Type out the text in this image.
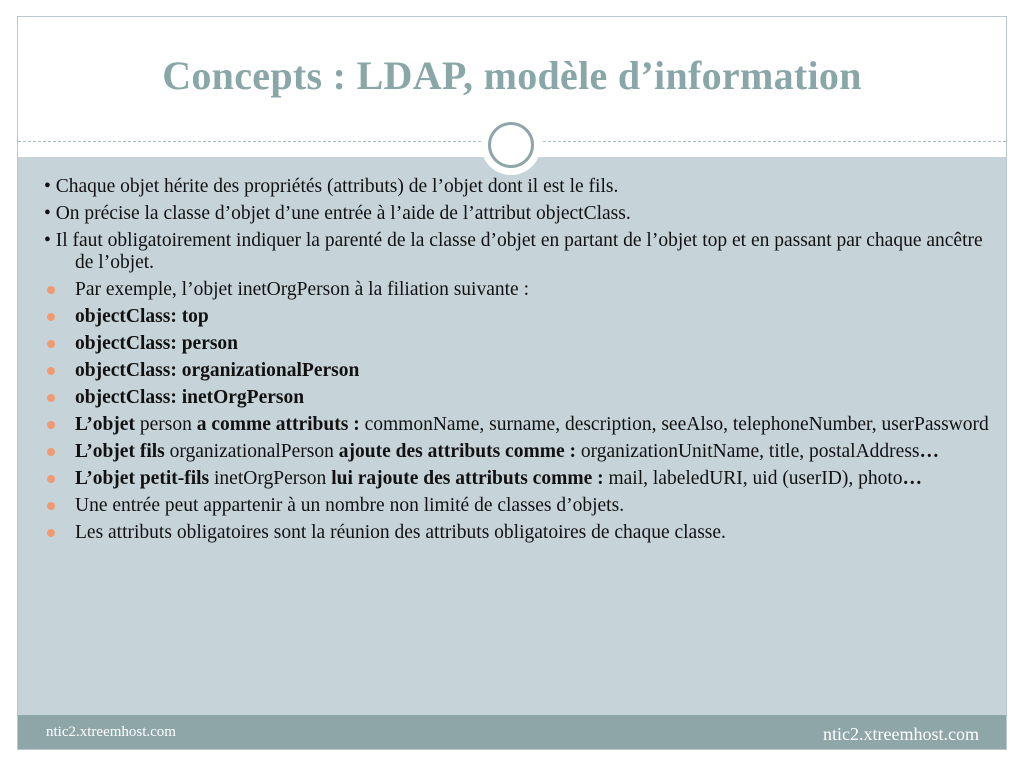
Concepts : LDAP, modèle d’information
• Chaque objet hérite des propriétés (attributs) de l’objet dont il est le fils.
• On précise la classe d’objet d’une entrée à l’aide de l’attribut objectClass.
• Il faut obligatoirement indiquer la parenté de la classe d’objet en partant de l’objet top et en passant par chaque ancêtre de l’objet.
Par exemple, l’objet inetOrgPerson à la filiation suivante :
objectClass: top
objectClass: person
objectClass: organizationalPerson
objectClass: inetOrgPerson
L’objet person a comme attributs : commonName, surname, description, seeAlso, telephoneNumber, userPassword
L’objet fils organizationalPerson ajoute des attributs comme : organizationUnitName, title, postalAddress…
L’objet petit-fils inetOrgPerson lui rajoute des attributs comme : mail, labeledURI, uid (userID), photo…
Une entrée peut appartenir à un nombre non limité de classes d’objets.
Les attributs obligatoires sont la réunion des attributs obligatoires de chaque classe.
ntic2.xtreemhost.com	ntic2.xtreemhost.com
